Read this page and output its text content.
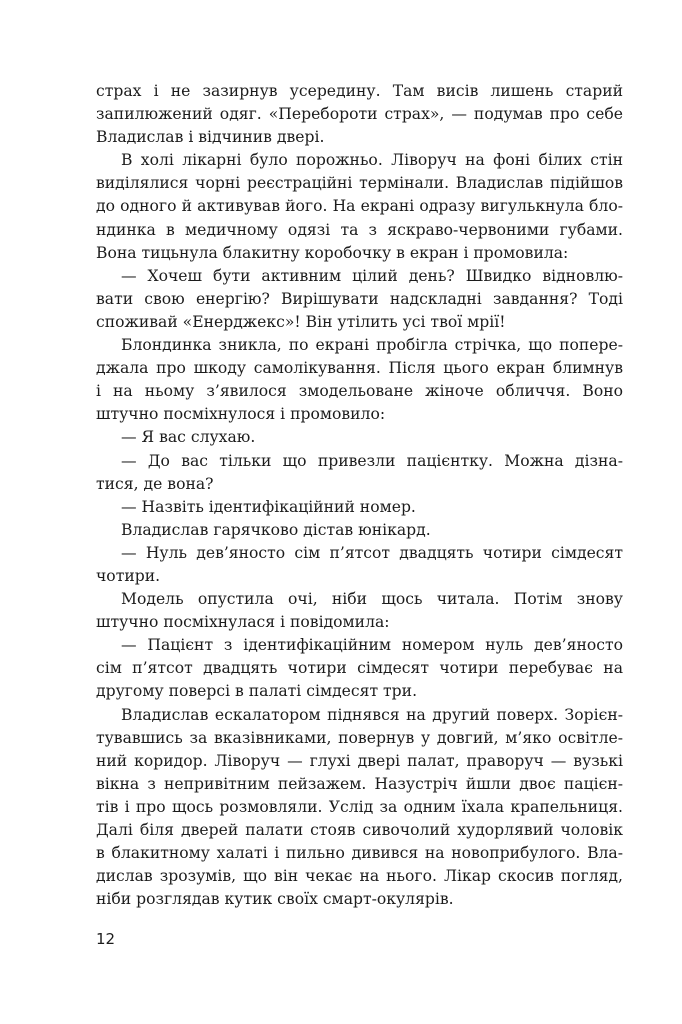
страх і не зазирнув усередину. Там висів лишень старий
запилюжений одяг. «Перебороти страх», — подумав про себе
Владислав і відчинив двері.
В холі лікарні було порожньо. Ліворуч на фоні білих стін
виділялися чорні реєстраційні термінали. Владислав підійшов
до одного й активував його. На екрані одразу вигулькнула бло-
ндинка в медичному одязі та з яскраво-червоними губами.
Вона тицьнула блакитну коробочку в екран і промовила:
— Хочеш бути активним цілий день? Швидко відновлю-
вати свою енергію? Вирішувати надскладні завдання? Тоді
споживай «Енерджекс»! Він утілить усі твої мрії!
Блондинка зникла, по екрані пробігла стрічка, що попере-
джала про шкоду самолікування. Після цього екран блимнув
і на ньому з’явилося змодельоване жіноче обличчя. Воно
штучно посміхнулося і промовило:
— Я вас слухаю.
— До вас тільки що привезли пацієнтку. Можна дізна-
тися, де вона?
— Назвіть ідентифікаційний номер.
Владислав гарячково дістав юнікард.
— Нуль дев’яносто сім п’ятсот двадцять чотири сімдесят
чотири.
Модель опустила очі, ніби щось читала. Потім знову
штучно посміхнулася і повідомила:
— Пацієнт з ідентифікаційним номером нуль дев’яносто
сім п’ятсот двадцять чотири сімдесят чотири перебуває на
другому поверсі в палаті сімдесят три.
Владислав ескалатором піднявся на другий поверх. Зорієн-
тувавшись за вказівниками, повернув у довгий, м’яко освітле-
ний коридор. Ліворуч — глухі двері палат, праворуч — вузькі
вікна з непривітним пейзажем. Назустріч йшли двоє пацієн-
тів і про щось розмовляли. Услід за одним їхала крапельниця.
Далі біля дверей палати стояв сивочолий худорлявий чоловік
в блакитному халаті і пильно дивився на новоприбулого. Вла-
дислав зрозумів, що він чекає на нього. Лікар скосив погляд,
ніби розглядав кутик своїх смарт-окулярів.
12
